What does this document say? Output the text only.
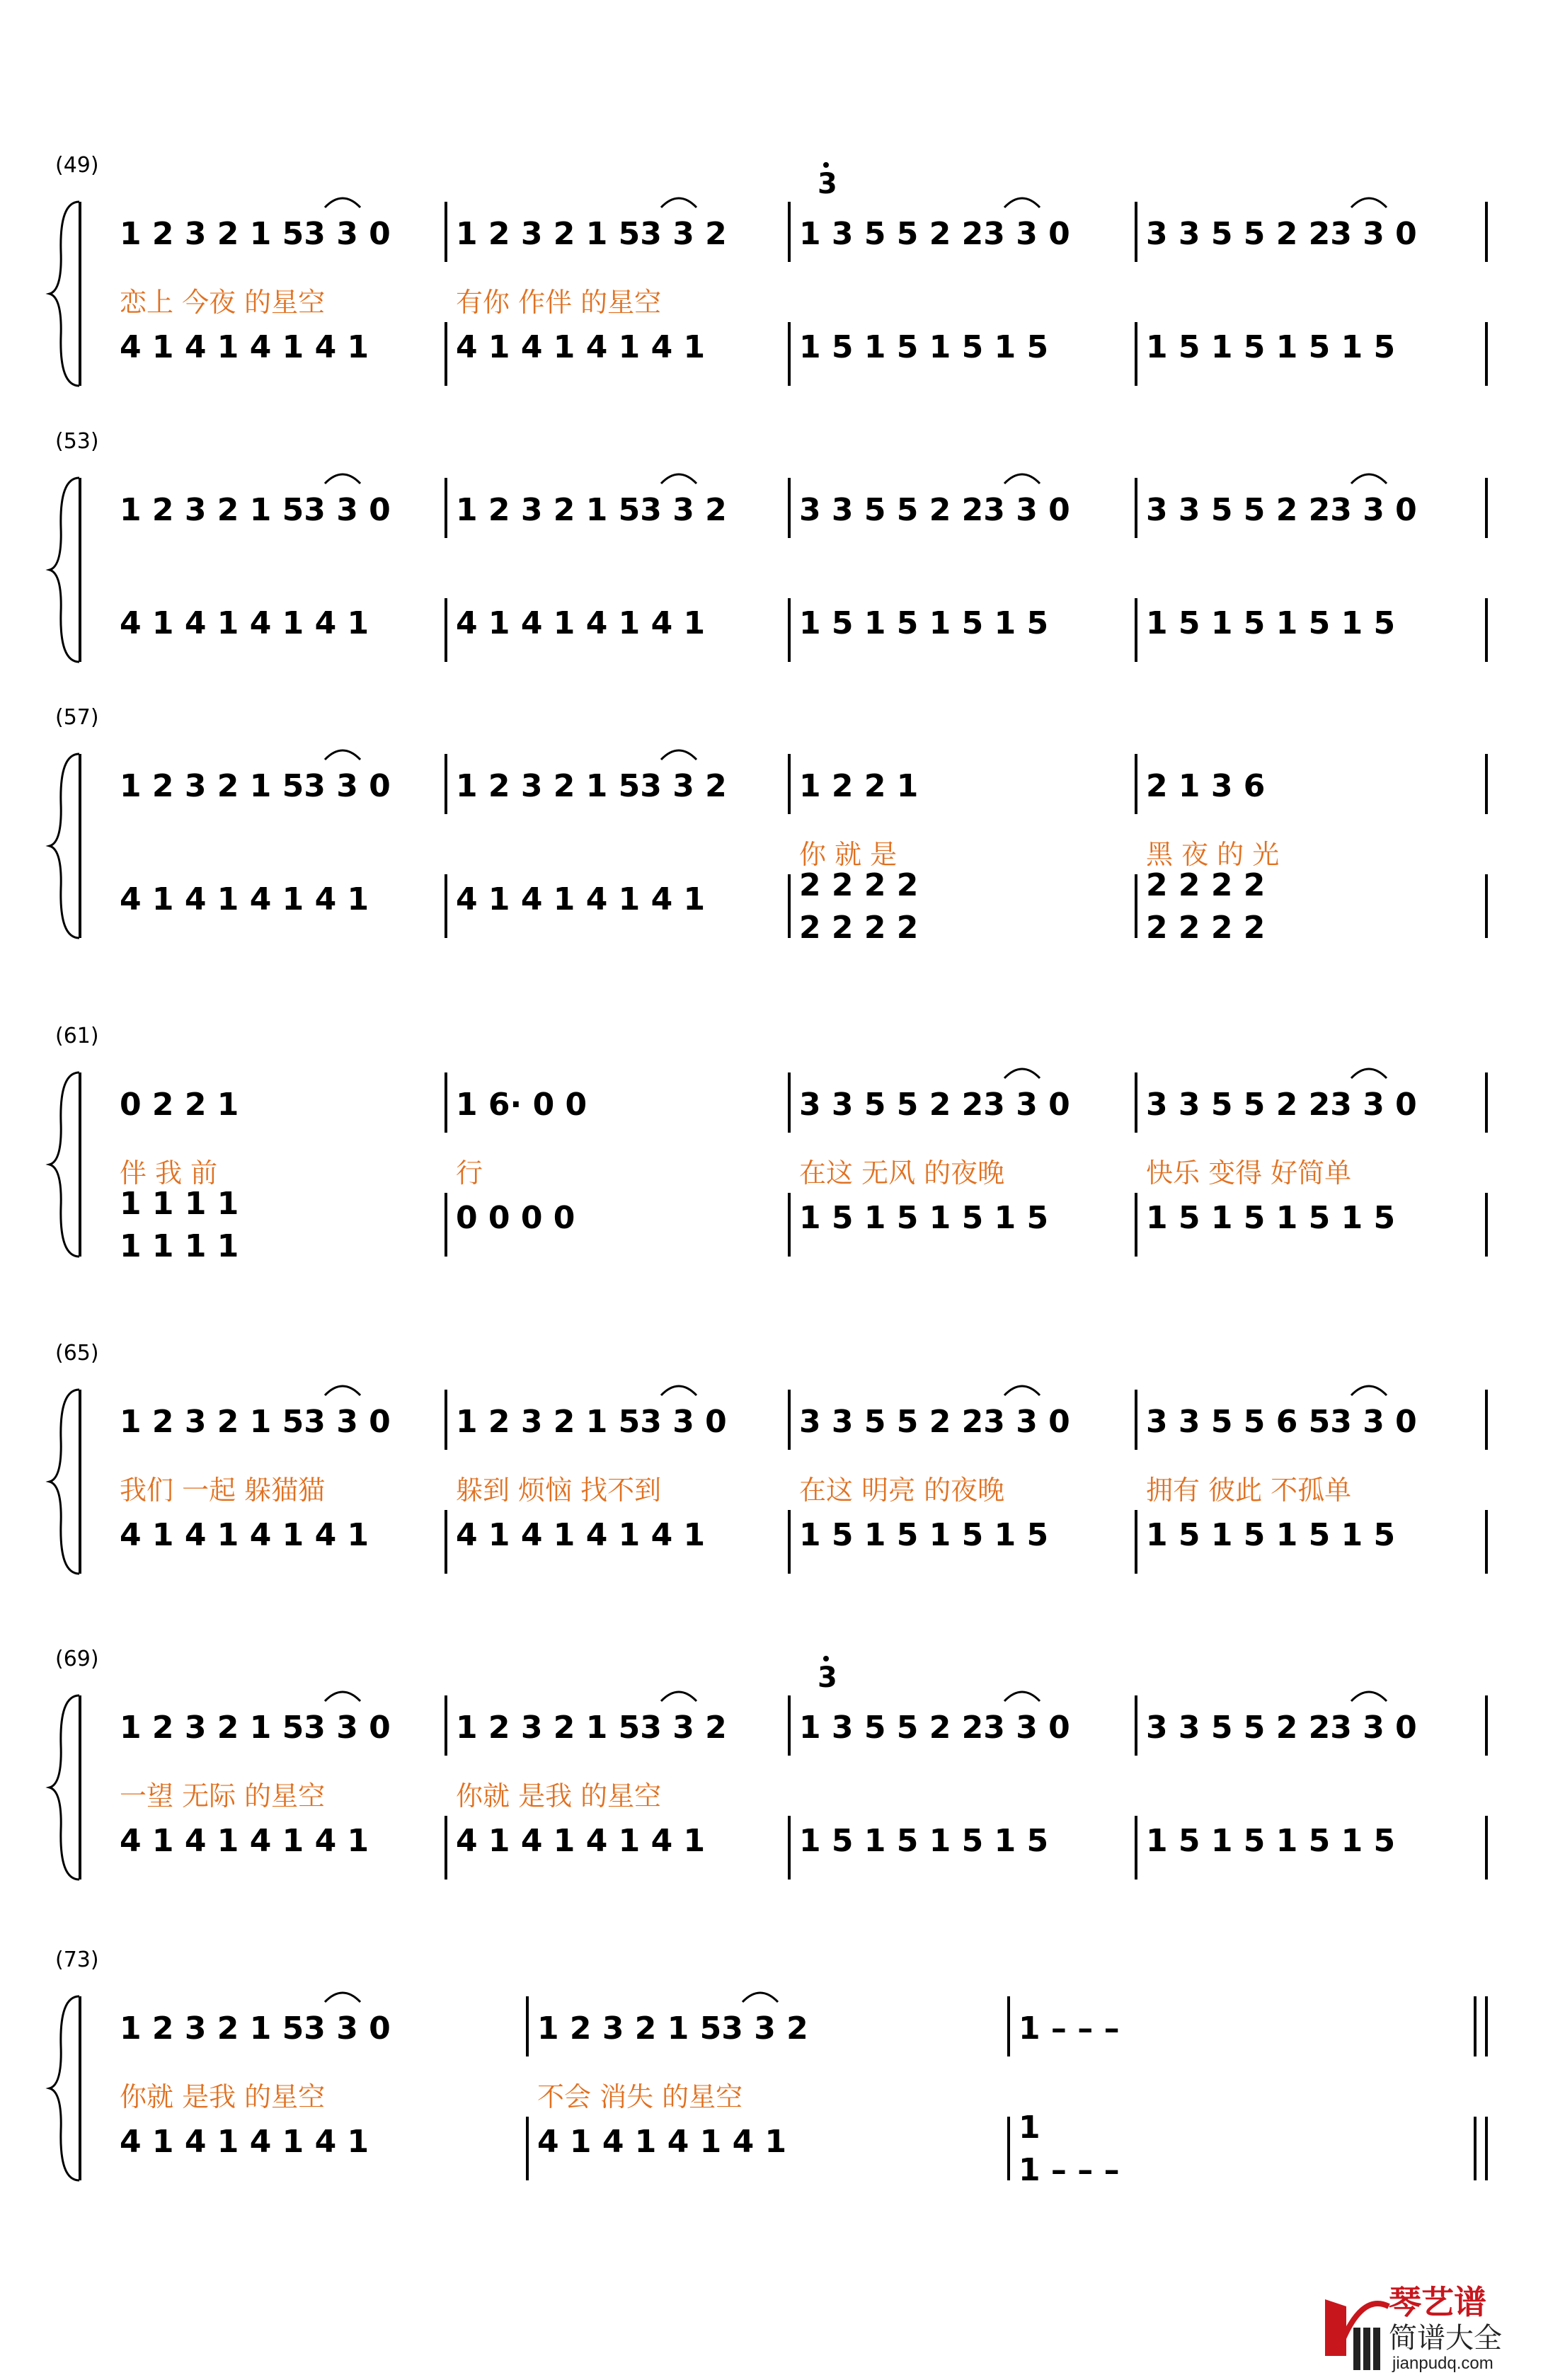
(49)
3
1 2 3 2 1 53 3 0
恋上 今夜 的星空
4 1 4 1 4 1 4 1
1 2 3 2 1 53 3 2
有你 作伴 的星空
4 1 4 1 4 1 4 1
1 3 5 5 2 23 3 0
1 5 1 5 1 5 1 5
3 3 5 5 2 23 3 0
1 5 1 5 1 5 1 5
(53)
1 2 3 2 1 53 3 0
4 1 4 1 4 1 4 1
1 2 3 2 1 53 3 2
4 1 4 1 4 1 4 1
3 3 5 5 2 23 3 0
1 5 1 5 1 5 1 5
3 3 5 5 2 23 3 0
1 5 1 5 1 5 1 5
(57)
1 2 3 2 1 53 3 0
4 1 4 1 4 1 4 1
1 2 3 2 1 53 3 2
4 1 4 1 4 1 4 1
1 2 2 1
你 就 是
2 2 2 2
2 2 2 2
2 1 3 6
黑 夜 的 光
2 2 2 2
2 2 2 2
(61)
0 2 2 1
伴 我 前
1 1 1 1
1 1 1 1
1 6· 0 0
行
0 0 0 0
3 3 5 5 2 23 3 0
在这 无风 的夜晚
1 5 1 5 1 5 1 5
3 3 5 5 2 23 3 0
快乐 变得 好简单
1 5 1 5 1 5 1 5
(65)
1 2 3 2 1 53 3 0
我们 一起 躲猫猫
4 1 4 1 4 1 4 1
1 2 3 2 1 53 3 0
躲到 烦恼 找不到
4 1 4 1 4 1 4 1
3 3 5 5 2 23 3 0
在这 明亮 的夜晚
1 5 1 5 1 5 1 5
3 3 5 5 6 53 3 0
拥有 彼此 不孤单
1 5 1 5 1 5 1 5
(69)
3
1 2 3 2 1 53 3 0
一望 无际 的星空
4 1 4 1 4 1 4 1
1 2 3 2 1 53 3 2
你就 是我 的星空
4 1 4 1 4 1 4 1
1 3 5 5 2 23 3 0
1 5 1 5 1 5 1 5
3 3 5 5 2 23 3 0
1 5 1 5 1 5 1 5
(73)
1 2 3 2 1 53 3 0
你就 是我 的星空
4 1 4 1 4 1 4 1
1 2 3 2 1 53 3 2
不会 消失 的星空
4 1 4 1 4 1 4 1
1 – – –
1
1 – – –
琴艺谱
简谱大全
jianpudq.com
